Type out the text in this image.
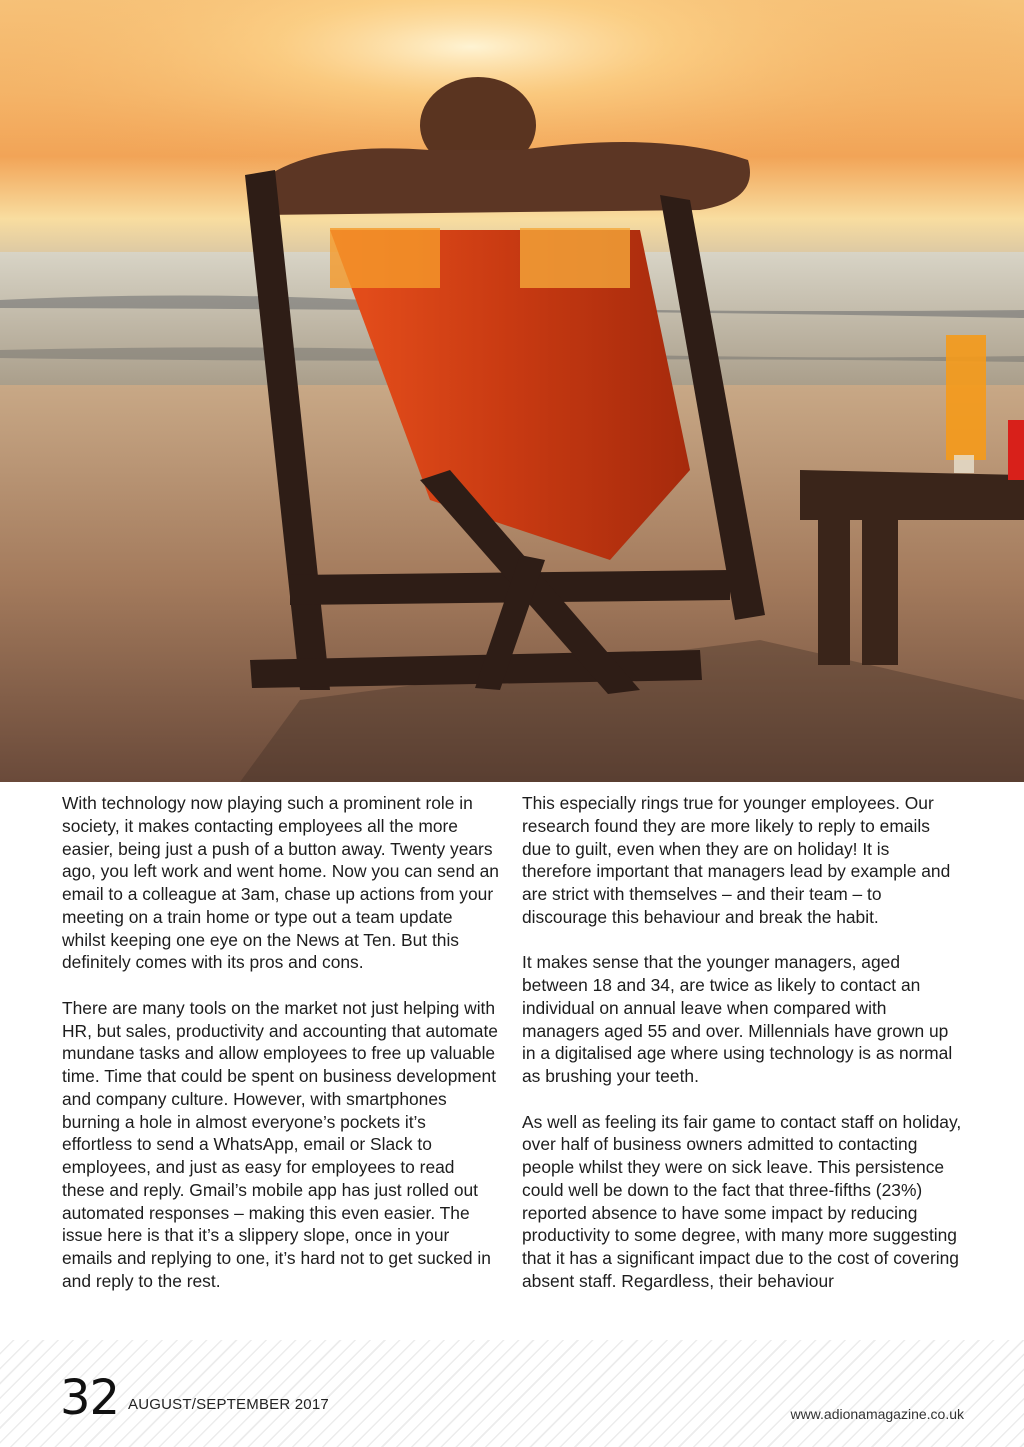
With technology now playing such a prominent role in society, it makes contacting employees all the more easier, being just a push of a button away. Twenty years ago, you left work and went home. Now you can send an email to a colleague at 3am, chase up actions from your meeting on a train home or type out a team update whilst keeping one eye on the News at Ten. But this definitely comes with its pros and cons.

There are many tools on the market not just helping with HR, but sales, productivity and accounting that automate mundane tasks and allow employees to free up valuable time. Time that could be spent on business development and company culture. However, with smartphones burning a hole in almost everyone’s pockets it’s effortless to send a WhatsApp, email or Slack to employees, and just as easy for employees to read these and reply. Gmail’s mobile app has just rolled out automated responses – making this even easier. The issue here is that it’s a slippery slope, once in your emails and replying to one, it’s hard not to get sucked in and reply to the rest.

This especially rings true for younger employees. Our research found they are more likely to reply to emails due to guilt, even when they are on holiday! It is therefore important that managers lead by example and are strict with themselves – and their team – to discourage this behaviour and break the habit.

It makes sense that the younger managers, aged between 18 and 34, are twice as likely to contact an individual on annual leave when compared with managers aged 55 and over. Millennials have grown up in a digitalised age where using technology is as normal as brushing your teeth.

As well as feeling its fair game to contact staff on holiday, over half of business owners admitted to contacting people whilst they were on sick leave. This persistence could well be down to the fact that three-fifths (23%) reported absence to have some impact by reducing productivity to some degree, with many more suggesting that it has a significant impact due to the cost of covering absent staff. Regardless, their behaviour

32 AUGUST/SEPTEMBER 2017
www.adionamagazine.co.uk
